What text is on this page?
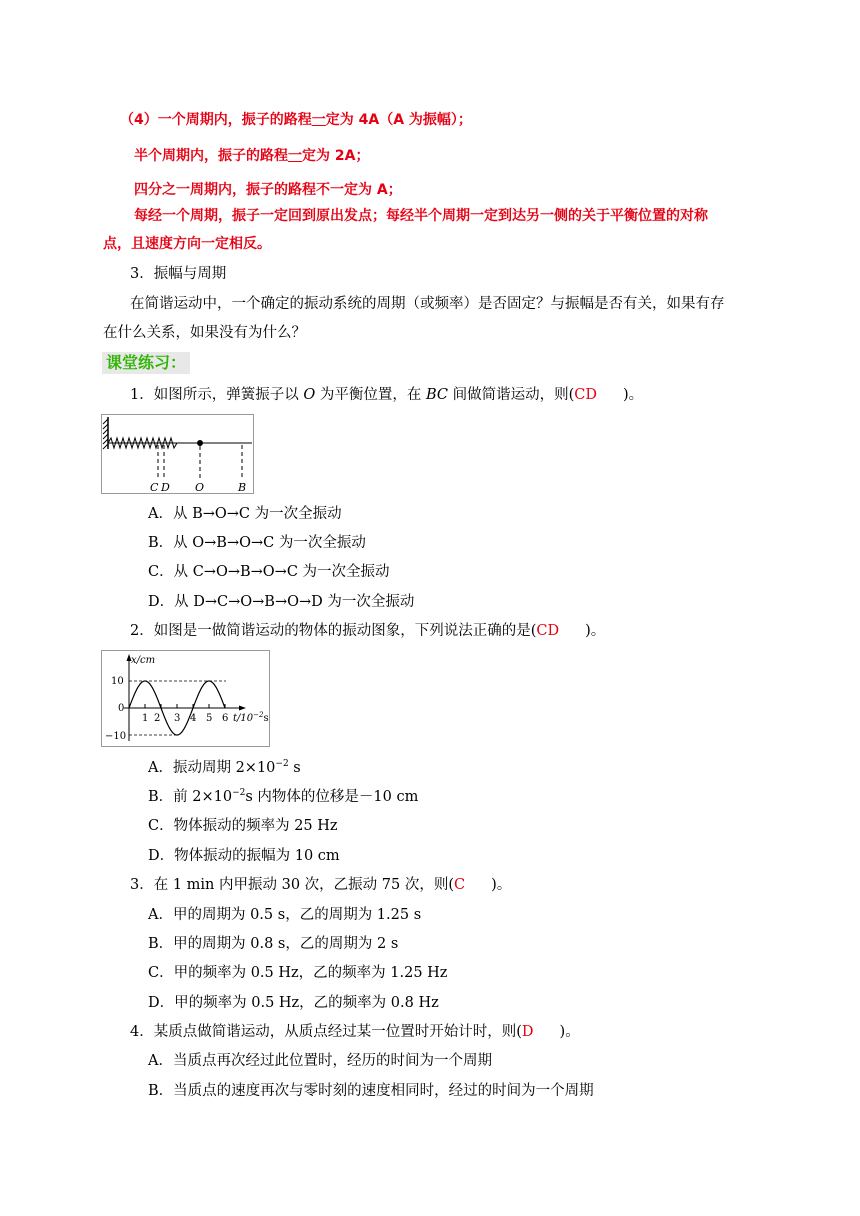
（4）一个周期内，振子的路程一定为 4A（A 为振幅）；
半个周期内，振子的路程一定为 2A；
四分之一周期内，振子的路程不一定为 A；
每经一个周期，振子一定回到原出发点；每经半个周期一定到达另一侧的关于平衡位置的对称
点，且速度方向一定相反。
3．振幅与周期
在简谐运动中，一个确定的振动系统的周期（或频率）是否固定？与振幅是否有关，如果有存
在什么关系，如果没有为什么？
课堂练习：
1．如图所示，弹簧振子以 O 为平衡位置，在 BC 间做简谐运动，则(CD )。
C D O	B
A．从 B→O→C 为一次全振动
B．从 O→B→O→C 为一次全振动
C．从 C→O→B→O→C 为一次全振动
D．从 D→C→O→B→O→D 为一次全振动
2．如图是一做简谐运动的物体的振动图象，下列说法正确的是(CD )。
x/cm
10
0
−10
1 2 3 4 5 6 $t/10^{-2}s$
A．振动周期 $2\times 10^{-2}$ s
B．前 $2\times 10^{-2}s$ 内物体的位移是－10 cm
C．物体振动的频率为 25 Hz
D．物体振动的振幅为 10 cm
3．在 1 min 内甲振动 30 次，乙振动 75 次，则(C )。
A．甲的周期为 0.5 s，乙的周期为 1.25 s
B．甲的周期为 0.8 s，乙的周期为 2 s
C．甲的频率为 0.5 Hz，乙的频率为 1.25 Hz
D．甲的频率为 0.5 Hz，乙的频率为 0.8 Hz
4．某质点做简谐运动，从质点经过某一位置时开始计时，则(D )。
A．当质点再次经过此位置时，经历的时间为一个周期
B．当质点的速度再次与零时刻的速度相同时，经过的时间为一个周期
